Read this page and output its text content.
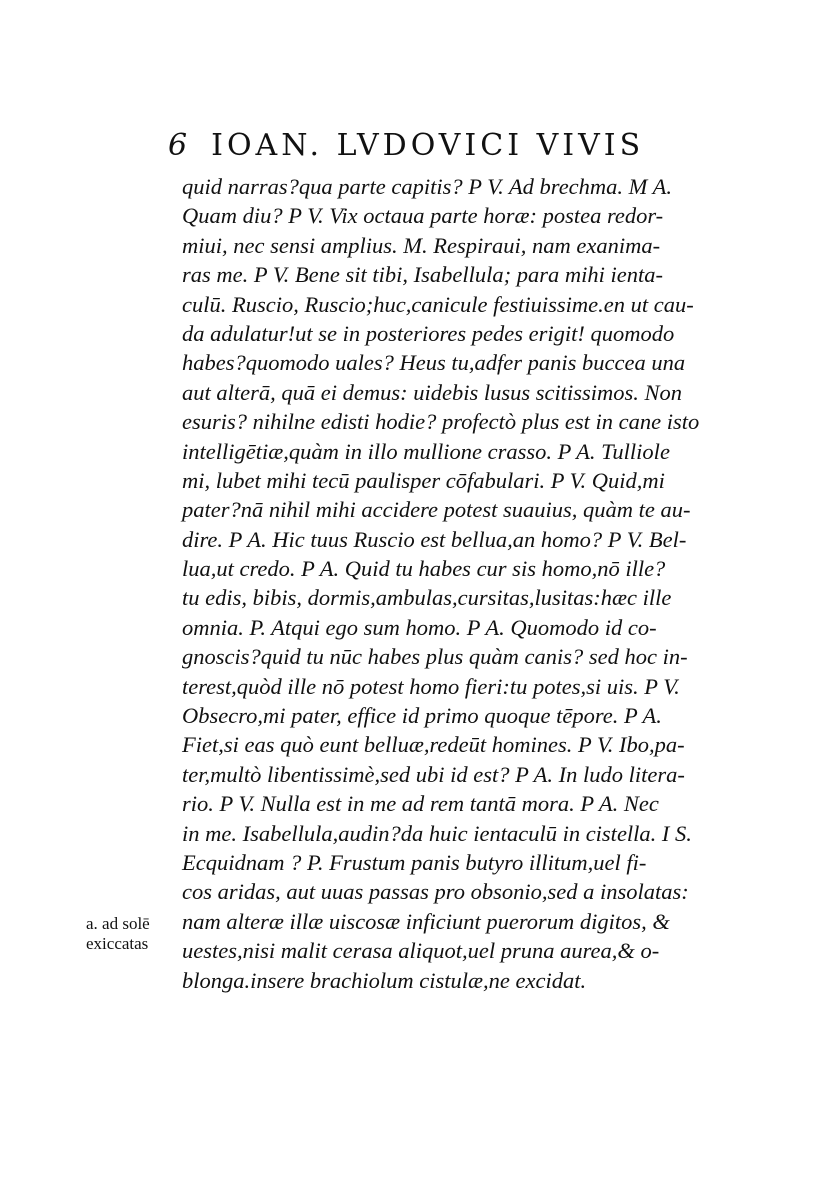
6 IOAN. LVDOVICI VIVIS
quid narras?qua parte capitis? P V. Ad brechma. M A.
Quam diu? P V. Vix octaua parte horæ: postea redor-
miui, nec sensi amplius. M. Respiraui, nam exanima-
ras me. P V. Bene sit tibi, Isabellula; para mihi ienta-
culū. Ruscio, Ruscio;huc,canicule festiuissime.en ut cau-
da adulatur!ut se in posteriores pedes erigit! quomodo
habes?quomodo uales? Heus tu,adfer panis buccea una
aut alterā, quā ei demus: uidebis lusus scitissimos. Non
esuris? nihilne edisti hodie? profectò plus est in cane isto
intelligētiæ,quàm in illo mullione crasso. P A. Tulliole
mi, lubet mihi tecū paulisper cōfabulari. P V. Quid,mi
pater?nā nihil mihi accidere potest suauius, quàm te au-
dire. P A. Hic tuus Ruscio est bellua,an homo? P V. Bel-
lua,ut credo. P A. Quid tu habes cur sis homo,nō ille?
tu edis, bibis, dormis,ambulas,cursitas,lusitas:hæc ille
omnia. P. Atqui ego sum homo. P A. Quomodo id co-
gnoscis?quid tu nūc habes plus quàm canis? sed hoc in-
terest,quòd ille nō potest homo fieri:tu potes,si uis. P V.
Obsecro,mi pater, effice id primo quoque tēpore. P A.
Fiet,si eas quò eunt belluæ,redeūt homines. P V. Ibo,pa-
ter,multò libentissimè,sed ubi id est? P A. In ludo litera-
rio. P V. Nulla est in me ad rem tantā mora. P A. Nec
in me. Isabellula,audin?da huic ientaculū in cistella. I S.
Ecquidnam ? P. Frustum panis butyro illitum,uel fi-
cos aridas, aut uuas passas pro obsonio,sed a insolatas:
nam alteræ illæ uiscosæ inficiunt puerorum digitos, &
uestes,nisi malit cerasa aliquot,uel pruna aurea,& o-
blonga.insere brachiolum cistulæ,ne excidat.
a. ad solē
exiccatas
